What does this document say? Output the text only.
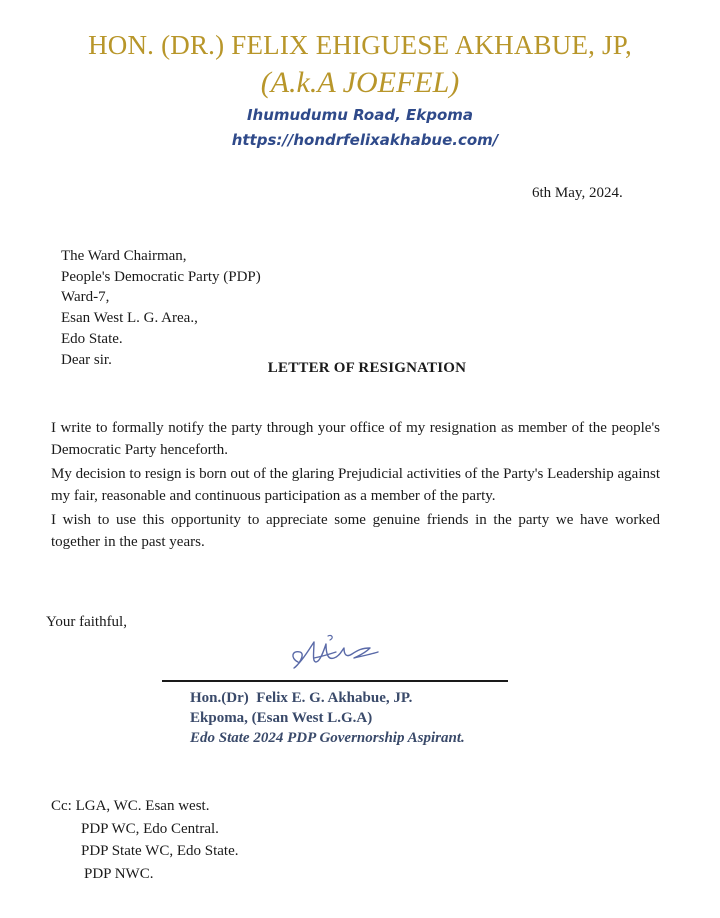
HON. (DR.) FELIX EHIGUESE AKHABUE, JP,
(A.k.A JOEFEL)
Ihumudumu Road, Ekpoma
https://hondrfelixakhabue.com/
6th May, 2024.
The Ward Chairman,
People's Democratic Party (PDP)
Ward-7,
Esan West L. G. Area.,
Edo State.
Dear sir.
LETTER OF RESIGNATION

I write to formally notify the party through your office of my resignation as member of the people's Democratic Party henceforth.

My decision to resign is born out of the glaring Prejudicial activities of the Party's Leadership against my fair, reasonable and continuous participation as a member of the party.

I wish to use this opportunity to appreciate some genuine friends in the party we have worked together in the past years.

Your faithful,
Hon.(Dr)  Felix E. G. Akhabue, JP.
Ekpoma, (Esan West L.G.A)
Edo State 2024 PDP Governorship Aspirant.
Cc: LGA, WC. Esan west.
PDP WC, Edo Central.
PDP State WC, Edo State.
PDP NWC.
